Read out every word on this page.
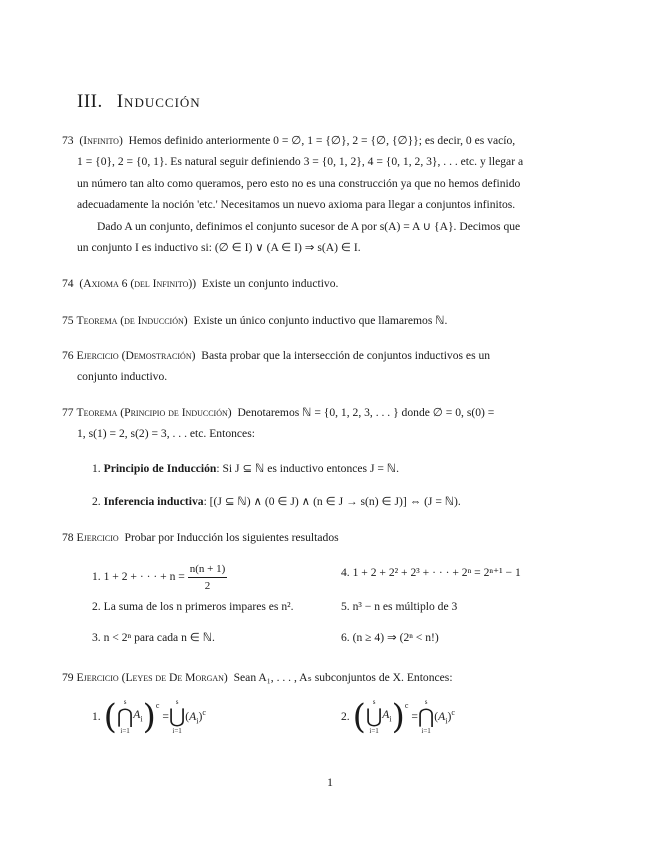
III. Inducción
73 (Infinito) Hemos definido anteriormente 0 = ∅, 1 = {∅}, 2 = {∅, {∅}}; es decir, 0 es vacío,
1 = {0}, 2 = {0, 1}. Es natural seguir definiendo 3 = {0, 1, 2}, 4 = {0, 1, 2, 3}, . . . etc. y llegar a
un número tan alto como queramos, pero esto no es una construcción ya que no hemos definido
adecuadamente la noción 'etc.' Necesitamos un nuevo axioma para llegar a conjuntos infinitos.
Dado A un conjunto, definimos el conjunto sucesor de A por s(A) = A ∪ {A}. Decimos que
un conjunto I es inductivo si: (∅ ∈ I) ∨ (A ∈ I) ⇒ s(A) ∈ I.
74 (Axioma 6 (del Infinito)) Existe un conjunto inductivo.
75 Teorema (de Inducción) Existe un único conjunto inductivo que llamaremos ℕ.
76 Ejercicio (Demostración) Basta probar que la intersección de conjuntos inductivos es un
conjunto inductivo.
77 Teorema (Principio de Inducción) Denotaremos ℕ = {0, 1, 2, 3, . . . } donde ∅ = 0, s(0) =
1, s(1) = 2, s(2) = 3, . . . etc. Entonces:
1. Principio de Inducción: Si J ⊆ ℕ es inductivo entonces J = ℕ.
2. Inferencia inductiva: [(J ⊆ ℕ) ∧ (0 ∈ J) ∧ (n ∈ J → s(n) ∈ J)] ⇔ (J = ℕ).
78 Ejercicio Probar por Inducción los siguientes resultados
1. 1 + 2 + · · · + $n = \frac{n(n + 1)}{2}$	4. 1 + 2 + 2² + 2³ + · · · + 2ⁿ = 2ⁿ⁺¹ − 1
2. La suma de los n primeros impares es n².	5. n³ − n es múltiplo de 3
3. n < 2ⁿ para cada n ∈ ℕ.	6. (n ≥ 4) ⇒ (2ⁿ < n!)
79 Ejercicio (Leyes de De Morgan) Sean A₁, . . . , Aₛ subconjuntos de X. Entonces:
1. ( s
⋂
i=1
$A_i)^c$ =
s
⋃
i=1
$(A_i)^c$	2. ( s
⋃
i=1
$A_i)^c$ =
s
⋂
i=1
$(A_i)^c$
1
